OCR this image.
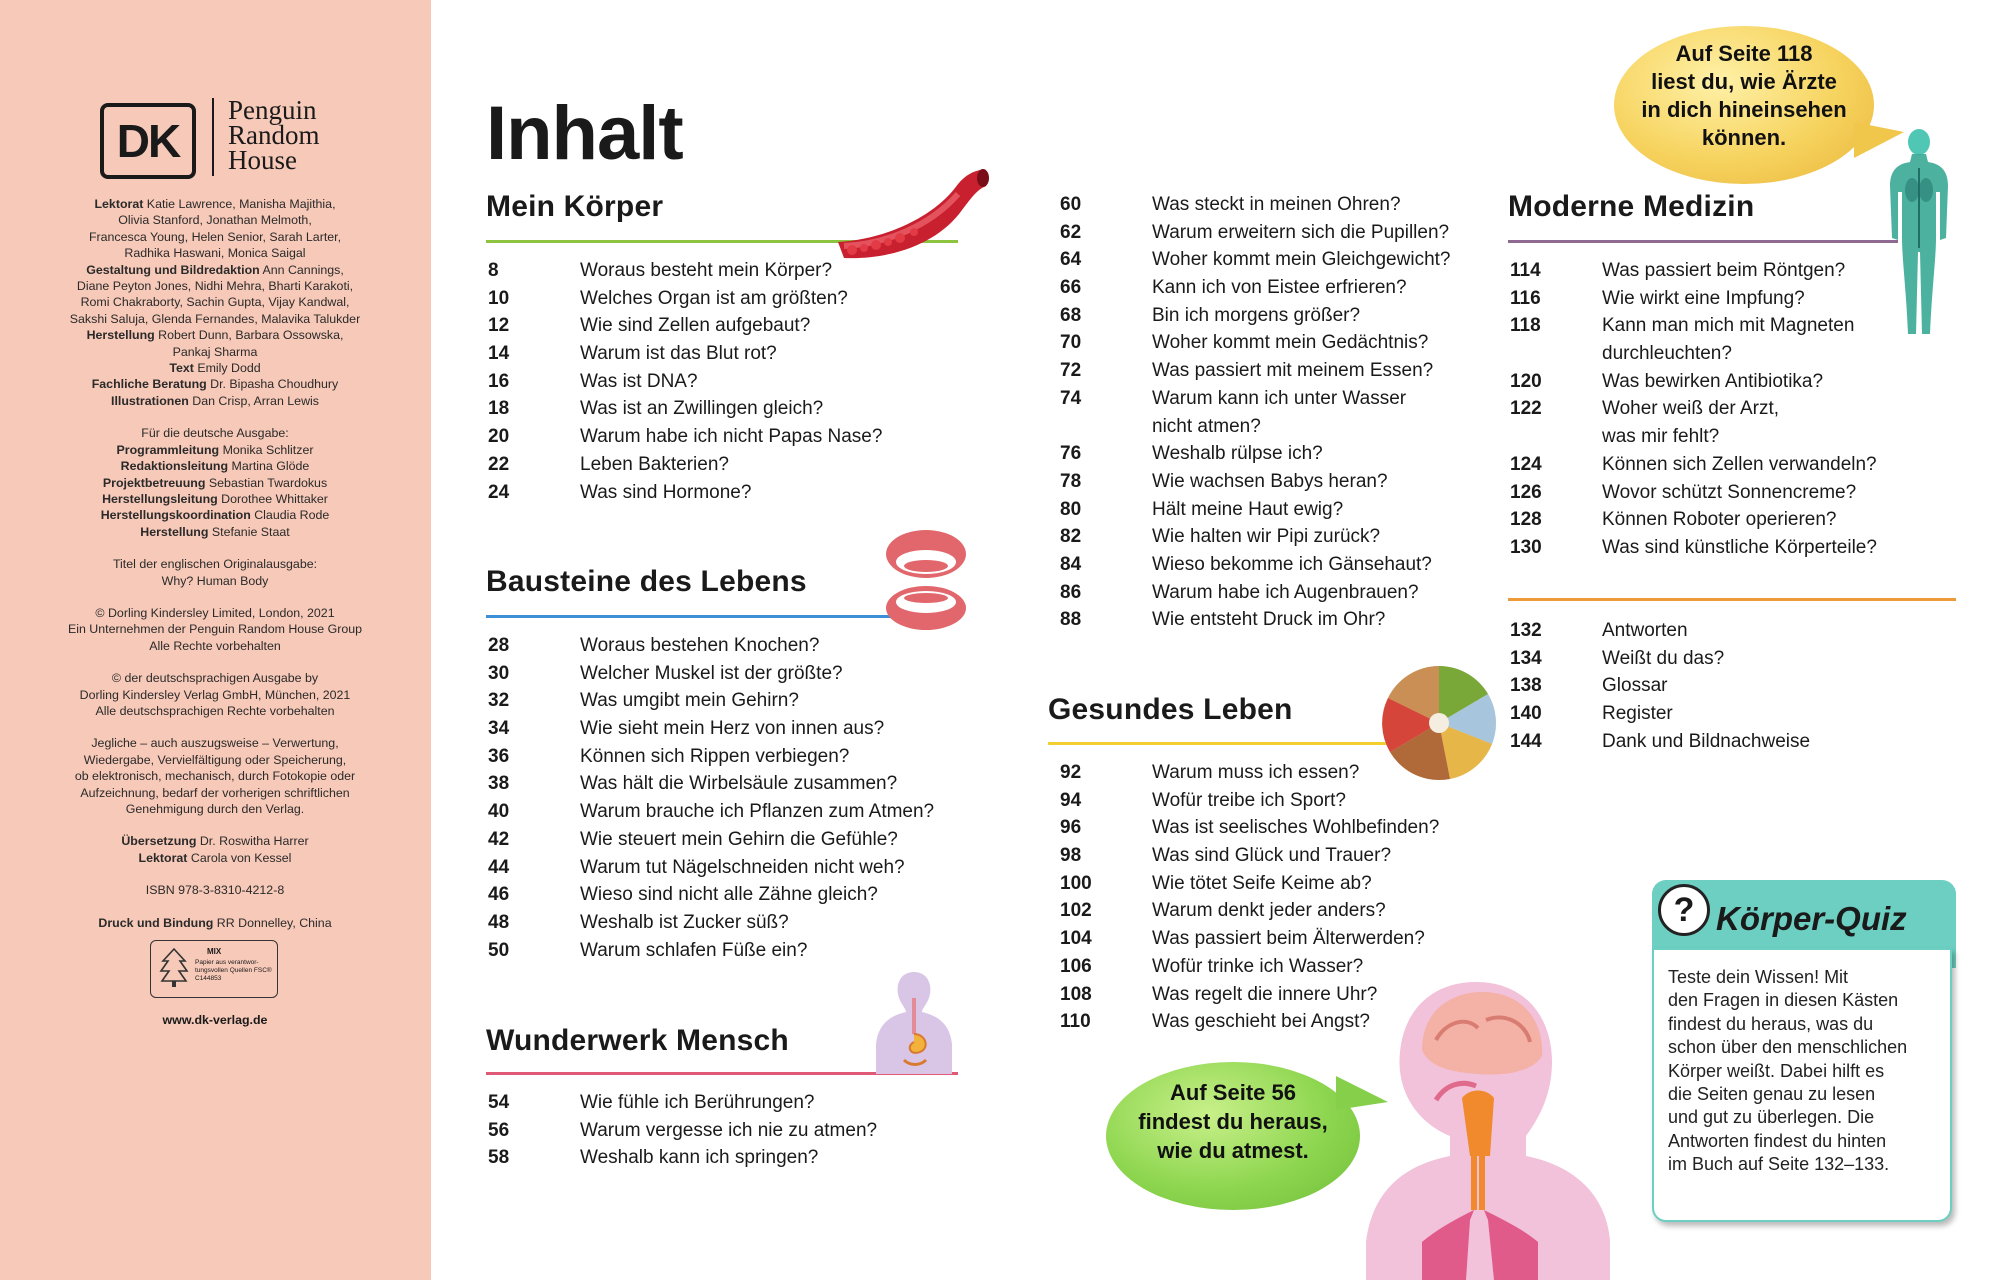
DK
Penguin
Random
House
Lektorat Katie Lawrence, Manisha Majithia,
Olivia Stanford, Jonathan Melmoth,
Francesca Young, Helen Senior, Sarah Larter,
Radhika Haswani, Monica Saigal
Gestaltung und Bildredaktion Ann Cannings,
Diane Peyton Jones, Nidhi Mehra, Bharti Karakoti,
Romi Chakraborty, Sachin Gupta, Vijay Kandwal,
Sakshi Saluja, Glenda Fernandes, Malavika Talukder
Herstellung Robert Dunn, Barbara Ossowska,
Pankaj Sharma
Text Emily Dodd
Fachliche Beratung Dr. Bipasha Choudhury
Illustrationen Dan Crisp, Arran Lewis
Für die deutsche Ausgabe:
Programmleitung Monika Schlitzer
Redaktionsleitung Martina Glöde
Projektbetreuung Sebastian Twardokus
Herstellungsleitung Dorothee Whittaker
Herstellungskoordination Claudia Rode
Herstellung Stefanie Staat
Titel der englischen Originalausgabe:
Why? Human Body
© Dorling Kindersley Limited, London, 2021
Ein Unternehmen der Penguin Random House Group
Alle Rechte vorbehalten
© der deutschsprachigen Ausgabe by
Dorling Kindersley Verlag GmbH, München, 2021
Alle deutschsprachigen Rechte vorbehalten
Jegliche – auch auszugsweise – Verwertung,
Wiedergabe, Vervielfältigung oder Speicherung,
ob elektronisch, mechanisch, durch Fotokopie oder
Aufzeichnung, bedarf der vorherigen schriftlichen
Genehmigung durch den Verlag.
Übersetzung Dr. Roswitha Harrer
Lektorat Carola von Kessel
ISBN 978-3-8310-4212-8
Druck und Bindung RR Donnelley, China
MIX
Papier aus verantwor-tungsvollen Quellen FSC® C144853
www.dk-verlag.de
Inhalt
Mein Körper
8	Woraus besteht mein Körper?
10	Welches Organ ist am größten?
12	Wie sind Zellen aufgebaut?
14	Warum ist das Blut rot?
16	Was ist DNA?
18	Was ist an Zwillingen gleich?
20	Warum habe ich nicht Papas Nase?
22	Leben Bakterien?
24	Was sind Hormone?
Bausteine des Lebens
28	Woraus bestehen Knochen?
30	Welcher Muskel ist der größte?
32	Was umgibt mein Gehirn?
34	Wie sieht mein Herz von innen aus?
36	Können sich Rippen verbiegen?
38	Was hält die Wirbelsäule zusammen?
40	Warum brauche ich Pflanzen zum Atmen?
42	Wie steuert mein Gehirn die Gefühle?
44	Warum tut Nägelschneiden nicht weh?
46	Wieso sind nicht alle Zähne gleich?
48	Weshalb ist Zucker süß?
50	Warum schlafen Füße ein?
Wunderwerk Mensch
54	Wie fühle ich Berührungen?
56	Warum vergesse ich nie zu atmen?
58	Weshalb kann ich springen?
60	Was steckt in meinen Ohren?
62	Warum erweitern sich die Pupillen?
64	Woher kommt mein Gleichgewicht?
66	Kann ich von Eistee erfrieren?
68	Bin ich morgens größer?
70	Woher kommt mein Gedächtnis?
72	Was passiert mit meinem Essen?
74	Warum kann ich unter Wasser
nicht atmen?
76	Weshalb rülpse ich?
78	Wie wachsen Babys heran?
80	Hält meine Haut ewig?
82	Wie halten wir Pipi zurück?
84	Wieso bekomme ich Gänsehaut?
86	Warum habe ich Augenbrauen?
88	Wie entsteht Druck im Ohr?
Gesundes Leben
92	Warum muss ich essen?
94	Wofür treibe ich Sport?
96	Was ist seelisches Wohlbefinden?
98	Was sind Glück und Trauer?
100	Wie tötet Seife Keime ab?
102	Warum denkt jeder anders?
104	Was passiert beim Älterwerden?
106	Wofür trinke ich Wasser?
108	Was regelt die innere Uhr?
110	Was geschieht bei Angst?
Moderne Medizin
114	Was passiert beim Röntgen?
116	Wie wirkt eine Impfung?
118	Kann man mich mit Magneten
durchleuchten?
120	Was bewirken Antibiotika?
122	Woher weiß der Arzt,
was mir fehlt?
124	Können sich Zellen verwandeln?
126	Wovor schützt Sonnencreme?
128	Können Roboter operieren?
130	Was sind künstliche Körperteile?
132	Antworten
134	Weißt du das?
138	Glossar
140	Register
144	Dank und Bildnachweise
Auf Seite 118
liest du, wie Ärzte
in dich hineinsehen
können.
Auf Seite 56
findest du heraus,
wie du atmest.
? Körper-Quiz
Teste dein Wissen! Mit
den Fragen in diesen Kästen
findest du heraus, was du
schon über den menschlichen
Körper weißt. Dabei hilft es
die Seiten genau zu lesen
und gut zu überlegen. Die
Antworten findest du hinten
im Buch auf Seite 132–133.
